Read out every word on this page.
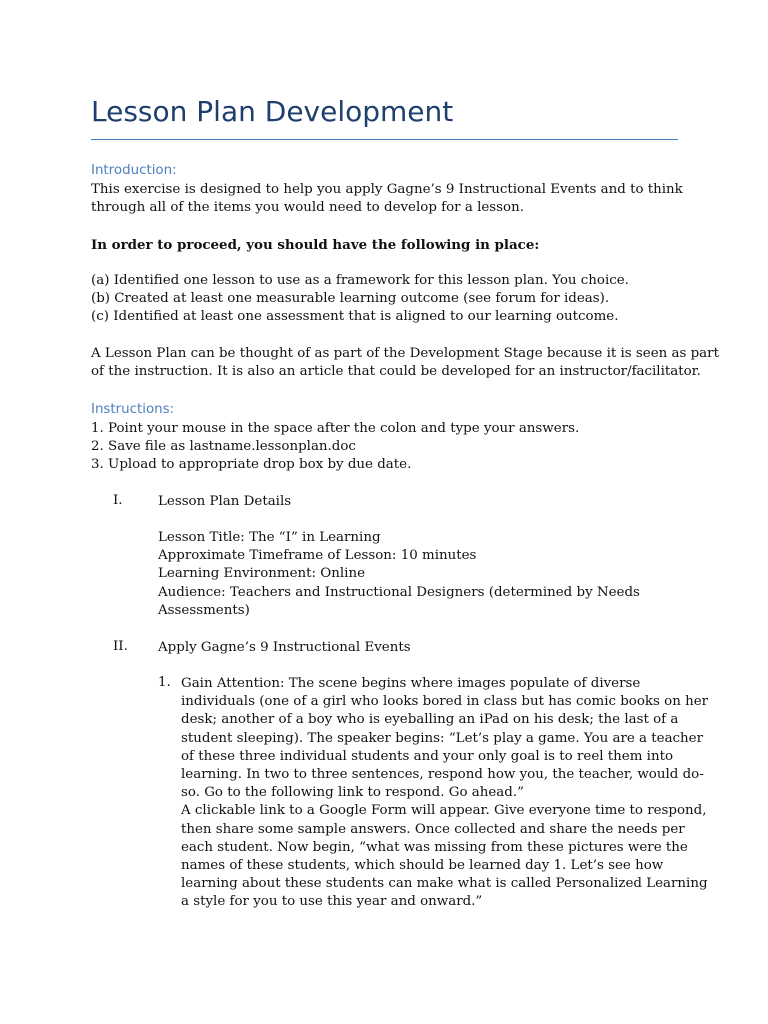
Lesson Plan Development
Introduction:
This exercise is designed to help you apply Gagne’s 9 Instructional Events and to think
through all of the items you would need to develop for a lesson.
In order to proceed, you should have the following in place:
(a) Identified one lesson to use as a framework for this lesson plan. You choice.
(b) Created at least one measurable learning outcome (see forum for ideas).
(c) Identified at least one assessment that is aligned to our learning outcome.
A Lesson Plan can be thought of as part of the Development Stage because it is seen as part
of the instruction. It is also an article that could be developed for an instructor/facilitator.
Instructions:
1. Point your mouse in the space after the colon and type your answers.
2. Save file as lastname.lessonplan.doc
3. Upload to appropriate drop box by due date.
I.	Lesson Plan Details
Lesson Title: The “I” in Learning
Approximate Timeframe of Lesson: 10 minutes
Learning Environment: Online
Audience: Teachers and Instructional Designers (determined by Needs
Assessments)
II. Apply Gagne’s 9 Instructional Events
1. Gain Attention: The scene begins where images populate of diverse
individuals (one of a girl who looks bored in class but has comic books on her
desk; another of a boy who is eyeballing an iPad on his desk; the last of a
student sleeping). The speaker begins: “Let’s play a game. You are a teacher
of these three individual students and your only goal is to reel them into
learning. In two to three sentences, respond how you, the teacher, would do-
so. Go to the following link to respond. Go ahead.”
A clickable link to a Google Form will appear. Give everyone time to respond,
then share some sample answers. Once collected and share the needs per
each student. Now begin, “what was missing from these pictures were the
names of these students, which should be learned day 1. Let’s see how
learning about these students can make what is called Personalized Learning
a style for you to use this year and onward.”
